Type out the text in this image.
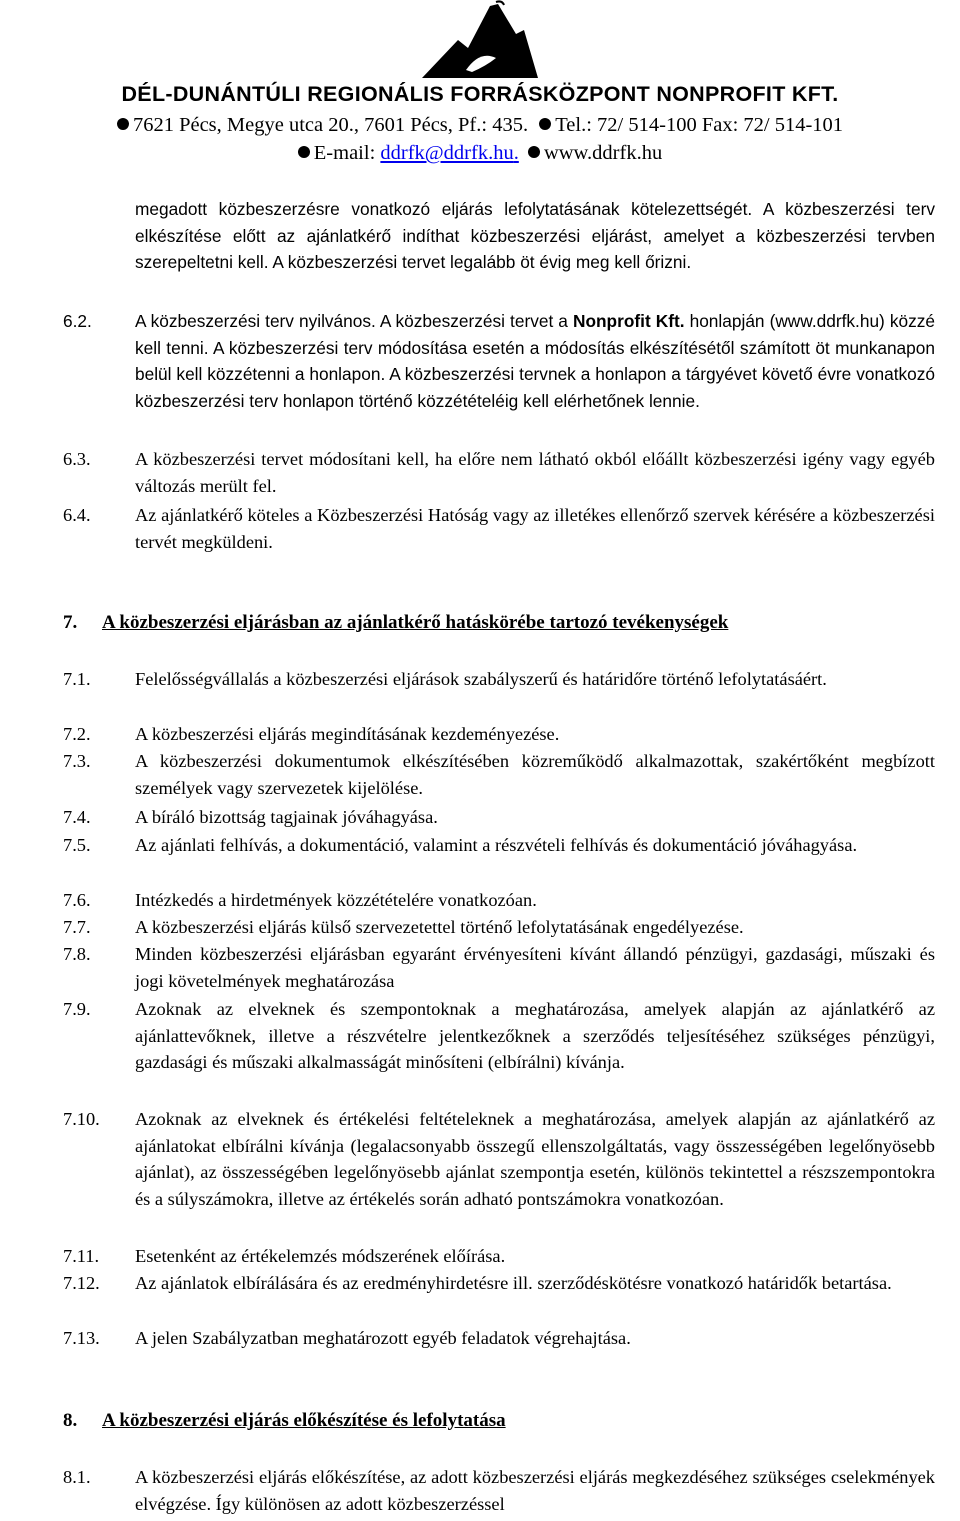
DÉL-DUNÁNTÚLI REGIONÁLIS FORRÁSKÖZPONT NONPROFIT KFT.
7621 Pécs, Megye utca 20., 7601 Pécs, Pf.: 435. Tel.: 72/ 514-100 Fax: 72/ 514-101
E-mail: ddrfk@ddrfk.hu. www.ddrfk.hu

megadott közbeszerzésre vonatkozó eljárás lefolytatásának kötelezettségét. A közbeszerzési terv elkészítése előtt az ajánlatkérő indíthat közbeszerzési eljárást, amelyet a közbeszerzési tervben szerepeltetni kell. A közbeszerzési tervet legalább öt évig meg kell őrizni.

6.2. A közbeszerzési terv nyilvános. A közbeszerzési tervet a Nonprofit Kft. honlapján (www.ddrfk.hu) közzé kell tenni. A közbeszerzési terv módosítása esetén a módosítás elkészítésétől számított öt munkanapon belül kell közzétenni a honlapon. A közbeszerzési tervnek a honlapon a tárgyévet követő évre vonatkozó közbeszerzési terv honlapon történő közzétételéig kell elérhetőnek lennie.

6.3. A közbeszerzési tervet módosítani kell, ha előre nem látható okból előállt közbeszerzési igény vagy egyéb változás merült fel.

6.4. Az ajánlatkérő köteles a Közbeszerzési Hatóság vagy az illetékes ellenőrző szervek kérésére a közbeszerzési tervét megküldeni.

7. A közbeszerzési eljárásban az ajánlatkérő hatáskörébe tartozó tevékenységek
7.1. Felelősségvállalás a közbeszerzési eljárások szabályszerű és határidőre történő lefolytatásáért.
7.2. A közbeszerzési eljárás megindításának kezdeményezése.
7.3. A közbeszerzési dokumentumok elkészítésében közreműködő alkalmazottak, szakértőként megbízott személyek vagy szervezetek kijelölése.
7.4. A bíráló bizottság tagjainak jóváhagyása.
7.5. Az ajánlati felhívás, a dokumentáció, valamint a részvételi felhívás és dokumentáció jóváhagyása.
7.6. Intézkedés a hirdetmények közzétételére vonatkozóan.
7.7. A közbeszerzési eljárás külső szervezetettel történő lefolytatásának engedélyezése.
7.8. Minden közbeszerzési eljárásban egyaránt érvényesíteni kívánt állandó pénzügyi, gazdasági, műszaki és jogi követelmények meghatározása
7.9. Azoknak az elveknek és szempontoknak a meghatározása, amelyek alapján az ajánlatkérő az ajánlattevőknek, illetve a részvételre jelentkezőknek a szerződés teljesítéséhez szükséges pénzügyi, gazdasági és műszaki alkalmasságát minősíteni (elbírálni) kívánja.
7.10. Azoknak az elveknek és értékelési feltételeknek a meghatározása, amelyek alapján az ajánlatkérő az ajánlatokat elbírálni kívánja (legalacsonyabb összegű ellenszolgáltatás, vagy összességében legelőnyösebb ajánlat), az összességében legelőnyösebb ajánlat szempontja esetén, különös tekintettel a részszempontokra és a súlyszámokra, illetve az értékelés során adható pontszámokra vonatkozóan.
7.11. Esetenként az értékelemzés módszerének előírása.
7.12. Az ajánlatok elbírálására és az eredményhirdetésre ill. szerződéskötésre vonatkozó határidők betartása.
7.13. A jelen Szabályzatban meghatározott egyéb feladatok végrehajtása.
8. A közbeszerzési eljárás előkészítése és lefolytatása
8.1. A közbeszerzési eljárás előkészítése, az adott közbeszerzési eljárás megkezdéséhez szükséges cselekmények elvégzése. Így különösen az adott közbeszerzéssel
